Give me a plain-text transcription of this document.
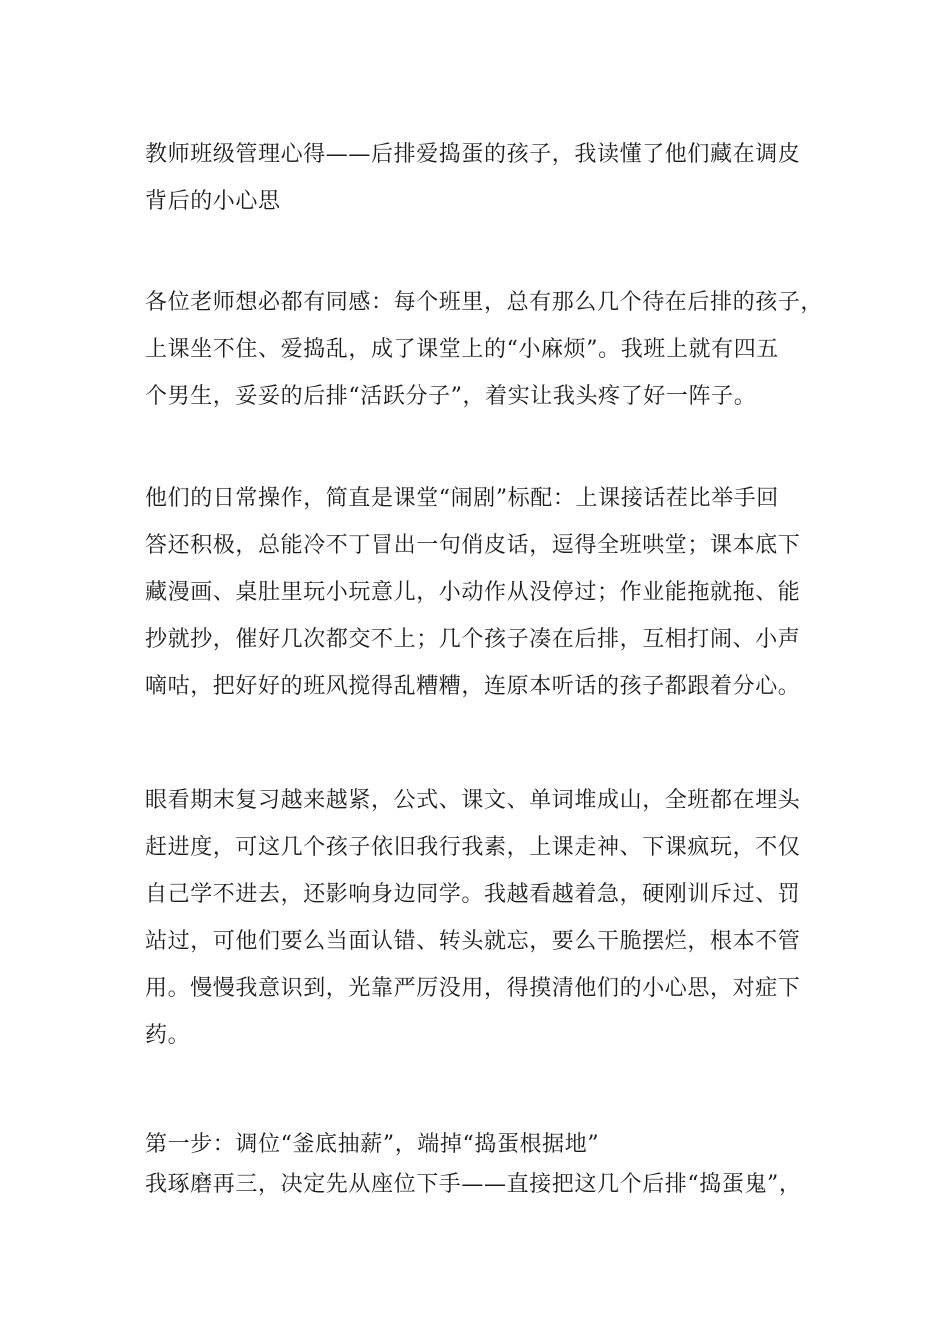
教师班级管理心得——后排爱捣蛋的孩子，我读懂了他们藏在调皮
背后的小心思

各位老师想必都有同感：每个班里，总有那么几个待在后排的孩子，
上课坐不住、爱捣乱，成了课堂上的“小麻烦”。我班上就有四五
个男生，妥妥的后排“活跃分子”，着实让我头疼了好一阵子。

他们的日常操作，简直是课堂“闹剧”标配：上课接话茬比举手回
答还积极，总能冷不丁冒出一句俏皮话，逗得全班哄堂；课本底下
藏漫画、桌肚里玩小玩意儿，小动作从没停过；作业能拖就拖、能
抄就抄，催好几次都交不上；几个孩子凑在后排，互相打闹、小声
嘀咕，把好好的班风搅得乱糟糟，连原本听话的孩子都跟着分心。

眼看期末复习越来越紧，公式、课文、单词堆成山，全班都在埋头
赶进度，可这几个孩子依旧我行我素，上课走神、下课疯玩，不仅
自己学不进去，还影响身边同学。我越看越着急，硬刚训斥过、罚
站过，可他们要么当面认错、转头就忘，要么干脆摆烂，根本不管
用。慢慢我意识到，光靠严厉没用，得摸清他们的小心思，对症下
药。

第一步：调位“釜底抽薪”，端掉“捣蛋根据地”
我琢磨再三，决定先从座位下手——直接把这几个后排“捣蛋鬼”，
